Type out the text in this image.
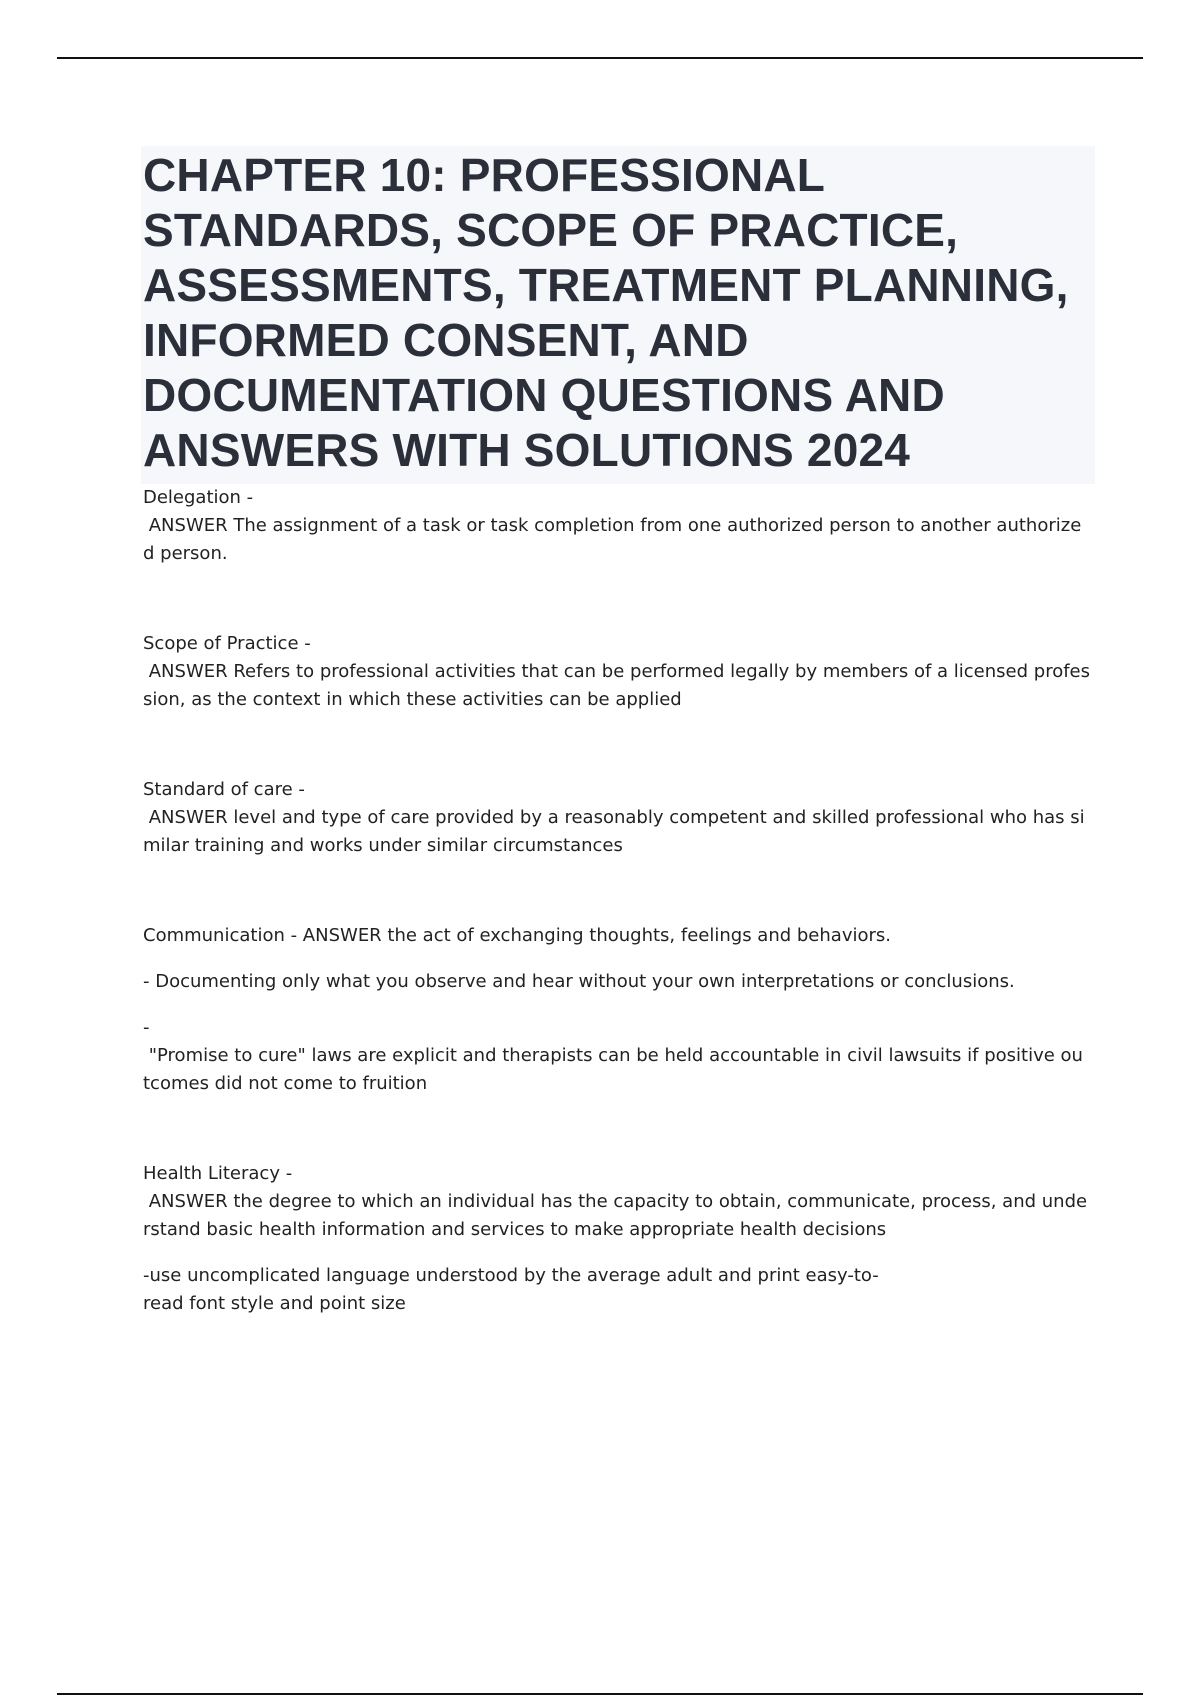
CHAPTER 10: PROFESSIONAL STANDARDS, SCOPE OF PRACTICE, ASSESSMENTS, TREATMENT PLANNING, INFORMED CONSENT, AND DOCUMENTATION QUESTIONS AND ANSWERS WITH SOLUTIONS 2024

Delegation -

ANSWER The assignment of a task or task completion from one authorized person to another authorize
d person.

Scope of Practice -

ANSWER Refers to professional activities that can be performed legally by members of a licensed profes
sion, as the context in which these activities can be applied

Standard of care -

ANSWER level and type of care provided by a reasonably competent and skilled professional who has si
milar training and works under similar circumstances

Communication - ANSWER the act of exchanging thoughts, feelings and behaviors.

- Documenting only what you observe and hear without your own interpretations or conclusions.

-

"Promise to cure" laws are explicit and therapists can be held accountable in civil lawsuits if positive ou
tcomes did not come to fruition

Health Literacy -

ANSWER the degree to which an individual has the capacity to obtain, communicate, process, and unde
rstand basic health information and services to make appropriate health decisions

-use uncomplicated language understood by the average adult and print easy-to-
read font style and point size
